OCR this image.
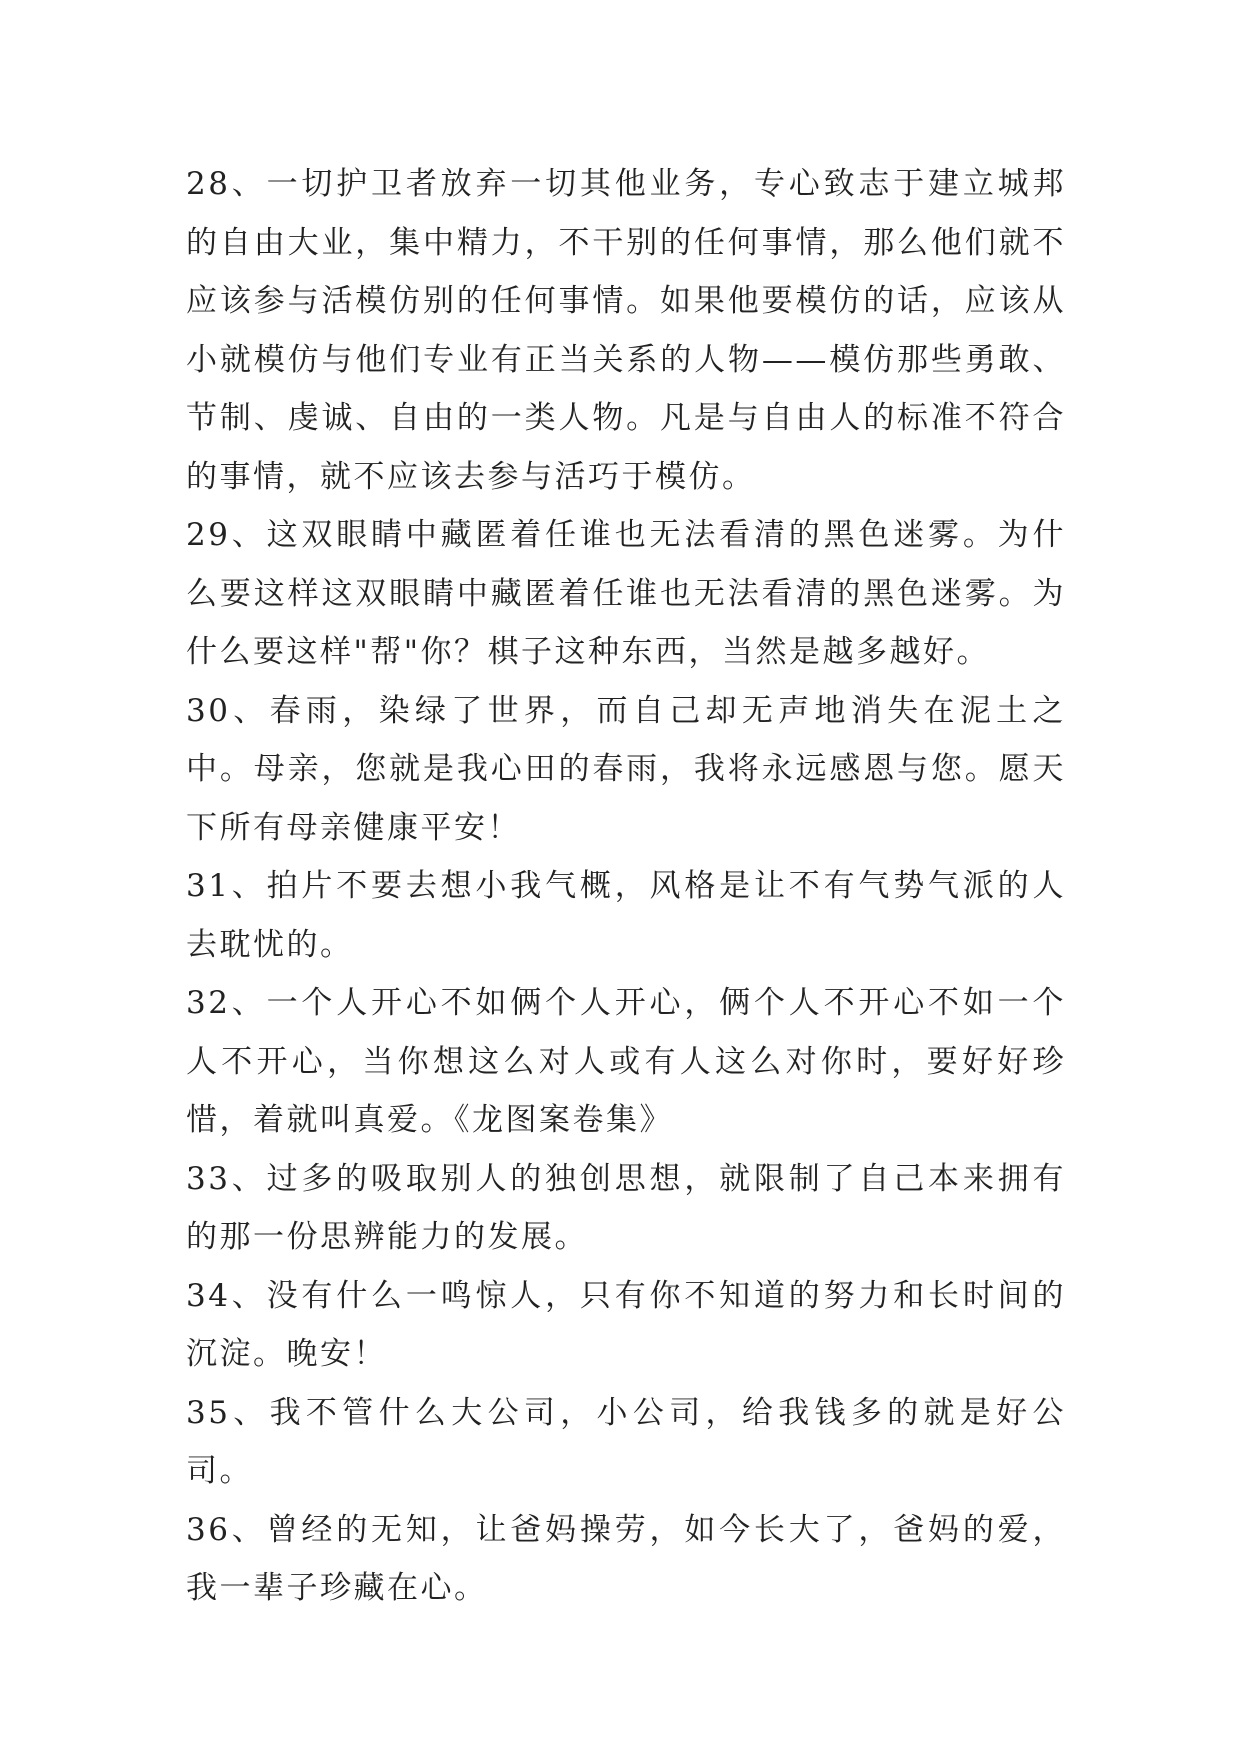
28、一切护卫者放弃一切其他业务，专心致志于建立城邦的自由大业，集中精力，不干别的任何事情，那么他们就不应该参与活模仿别的任何事情。如果他要模仿的话，应该从小就模仿与他们专业有正当关系的人物——模仿那些勇敢、节制、虔诚、自由的一类人物。凡是与自由人的标准不符合的事情，就不应该去参与活巧于模仿。

29、这双眼睛中藏匿着任谁也无法看清的黑色迷雾。为什么要这样这双眼睛中藏匿着任谁也无法看清的黑色迷雾。为什么要这样"帮"你？棋子这种东西，当然是越多越好。

30、春雨，染绿了世界，而自己却无声地消失在泥土之中。母亲，您就是我心田的春雨，我将永远感恩与您。愿天下所有母亲健康平安！

31、拍片不要去想小我气概，风格是让不有气势气派的人去耽忧的。

32、一个人开心不如俩个人开心，俩个人不开心不如一个人不开心，当你想这么对人或有人这么对你时，要好好珍惜，着就叫真爱。《龙图案卷集》

33、过多的吸取别人的独创思想，就限制了自己本来拥有的那一份思辨能力的发展。

34、没有什么一鸣惊人，只有你不知道的努力和长时间的沉淀。晚安！

35、我不管什么大公司，小公司，给我钱多的就是好公司。

36、曾经的无知，让爸妈操劳，如今长大了，爸妈的爱，我一辈子珍藏在心。
